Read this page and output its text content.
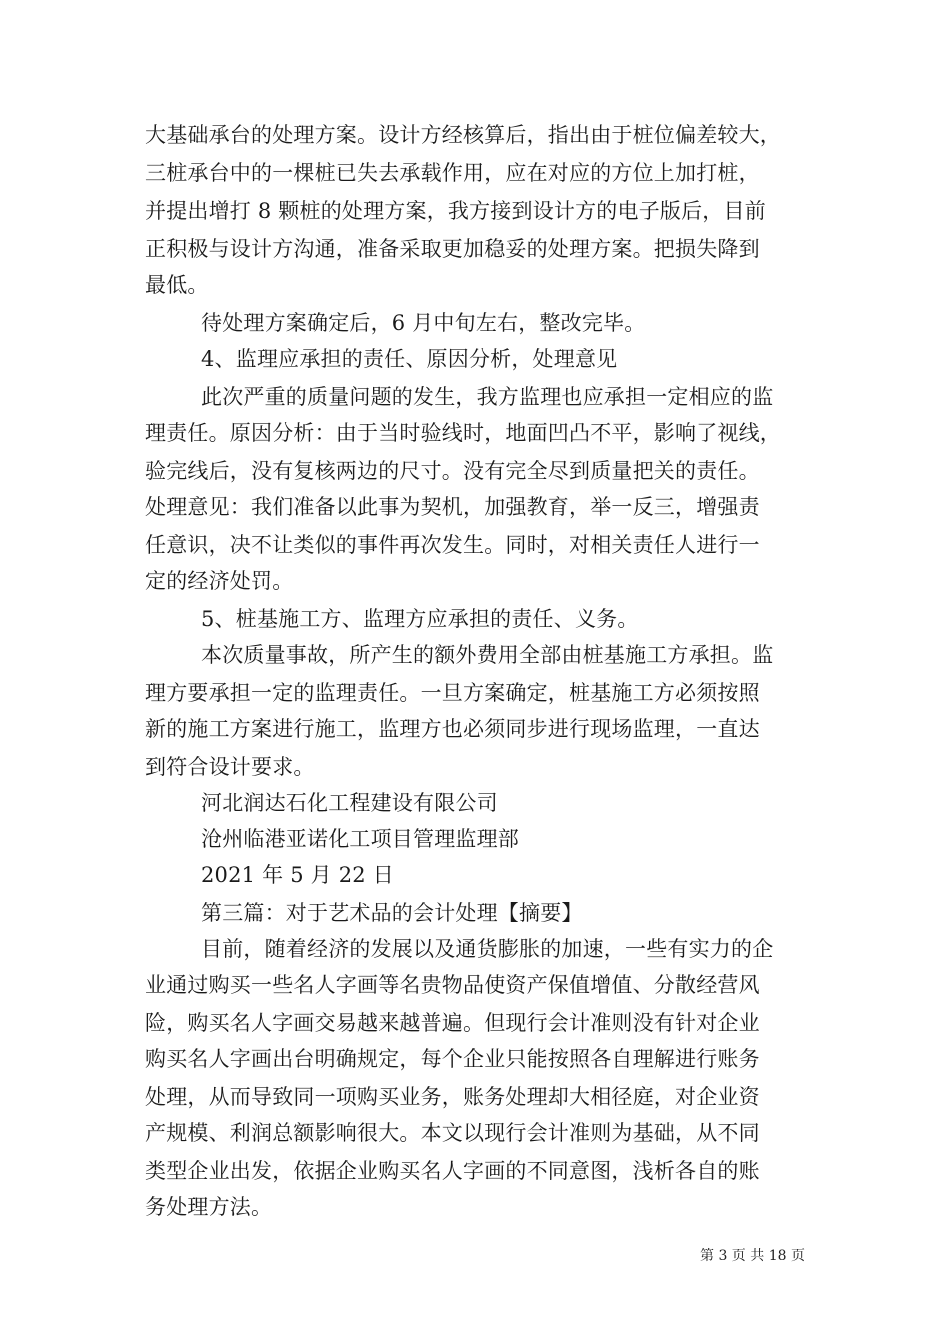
大基础承台的处理方案。设计方经核算后，指出由于桩位偏差较大，
三桩承台中的一棵桩已失去承载作用，应在对应的方位上加打桩，
并提出增打 8 颗桩的处理方案，我方接到设计方的电子版后，目前
正积极与设计方沟通，准备采取更加稳妥的处理方案。把损失降到
最低。
待处理方案确定后，6 月中旬左右，整改完毕。
4、监理应承担的责任、原因分析，处理意见
此次严重的质量问题的发生，我方监理也应承担一定相应的监
理责任。原因分析：由于当时验线时，地面凹凸不平，影响了视线，
验完线后，没有复核两边的尺寸。没有完全尽到质量把关的责任。
处理意见：我们准备以此事为契机，加强教育，举一反三，增强责
任意识，决不让类似的事件再次发生。同时，对相关责任人进行一
定的经济处罚。
5、桩基施工方、监理方应承担的责任、义务。
本次质量事故，所产生的额外费用全部由桩基施工方承担。监
理方要承担一定的监理责任。一旦方案确定，桩基施工方必须按照
新的施工方案进行施工，监理方也必须同步进行现场监理，一直达
到符合设计要求。
河北润达石化工程建设有限公司
沧州临港亚诺化工项目管理监理部
2021 年 5 月 22 日
第三篇：对于艺术品的会计处理【摘要】
目前，随着经济的发展以及通货膨胀的加速，一些有实力的企
业通过购买一些名人字画等名贵物品使资产保值增值、分散经营风
险，购买名人字画交易越来越普遍。但现行会计准则没有针对企业
购买名人字画出台明确规定，每个企业只能按照各自理解进行账务
处理，从而导致同一项购买业务，账务处理却大相径庭，对企业资
产规模、利润总额影响很大。本文以现行会计准则为基础，从不同
类型企业出发，依据企业购买名人字画的不同意图，浅析各自的账
务处理方法。
第 3 页 共 18 页
